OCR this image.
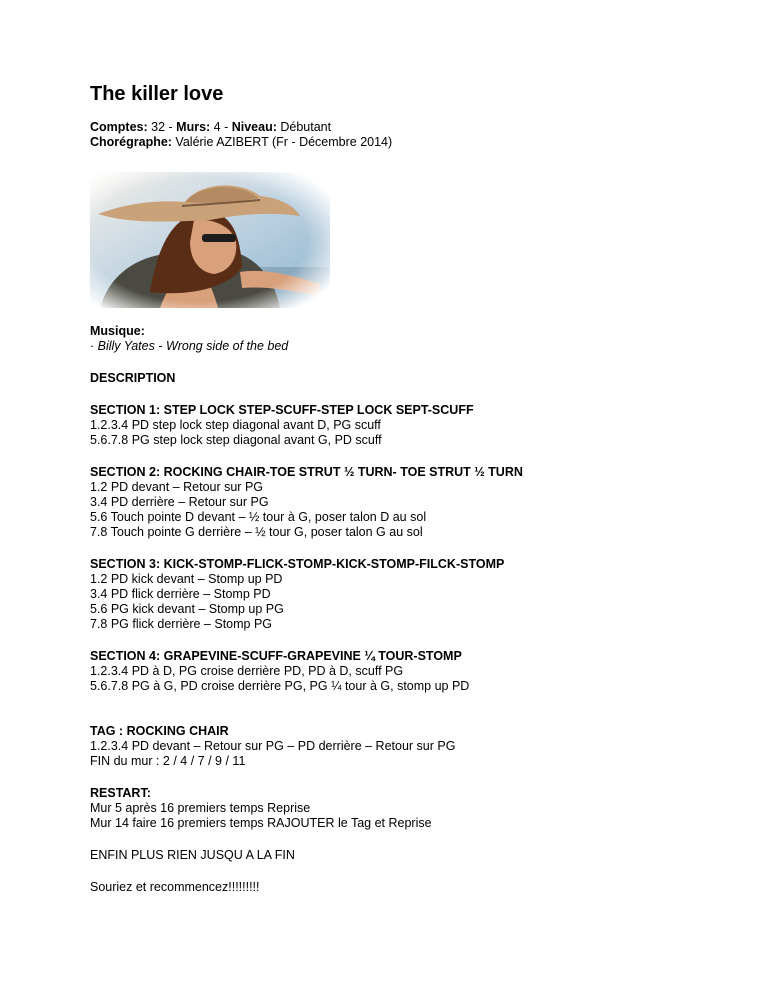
The killer love

Comptes: 32 - Murs: 4 - Niveau: Débutant

Chorégraphe: Valérie AZIBERT (Fr - Décembre 2014)

Musique:

· Billy Yates - Wrong side of the bed

DESCRIPTION

SECTION 1: STEP LOCK STEP-SCUFF-STEP LOCK SEPT-SCUFF

1.2.3.4 PD step lock step diagonal avant D, PG scuff

5.6.7.8 PG step lock step diagonal avant G, PD scuff

SECTION 2: ROCKING CHAIR-TOE STRUT ½ TURN- TOE STRUT ½ TURN

1.2 PD devant – Retour sur PG

3.4 PD derrière – Retour sur PG

5.6 Touch pointe D devant – ½ tour à G, poser talon D au sol

7.8 Touch pointe G derrière – ½ tour G, poser talon G au sol

SECTION 3: KICK-STOMP-FLICK-STOMP-KICK-STOMP-FILCK-STOMP

1.2 PD kick devant – Stomp up PD

3.4 PD flick derrière – Stomp PD

5.6 PG kick devant – Stomp up PG

7.8 PG flick derrière – Stomp PG

SECTION 4: GRAPEVINE-SCUFF-GRAPEVINE ¼ TOUR-STOMP

1.2.3.4 PD à D, PG croise derrière PD, PD à D, scuff PG

5.6.7.8 PG à G, PD croise derrière PG, PG ¼ tour à G, stomp up PD

TAG : ROCKING CHAIR

1.2.3.4 PD devant – Retour sur PG – PD derrière – Retour sur PG

FIN du mur : 2 / 4 / 7 / 9 / 11

RESTART:

Mur 5 après 16 premiers temps Reprise

Mur 14 faire 16 premiers temps RAJOUTER le Tag et Reprise

ENFIN PLUS RIEN JUSQU A LA FIN

Souriez et recommencez!!!!!!!!!
